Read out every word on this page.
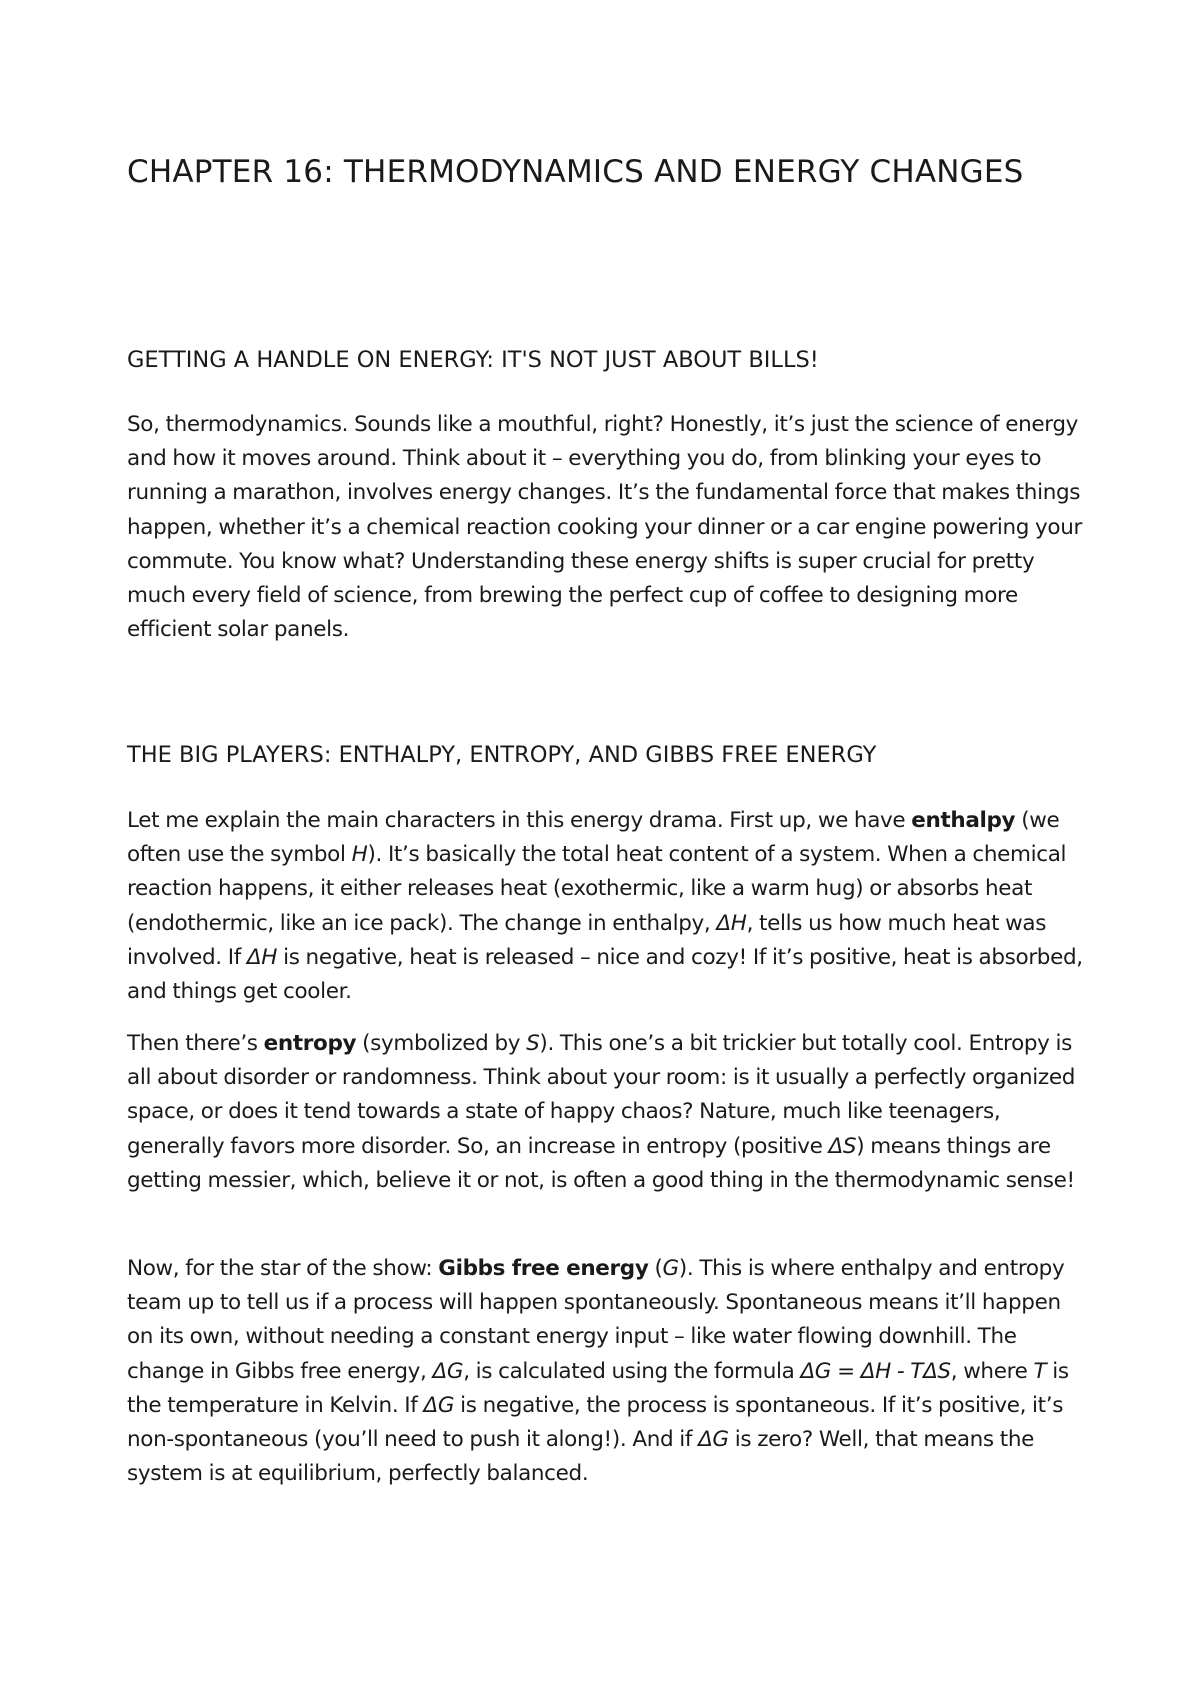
CHAPTER 16: THERMODYNAMICS AND ENERGY CHANGES
GETTING A HANDLE ON ENERGY: IT'S NOT JUST ABOUT BILLS!

So, thermodynamics. Sounds like a mouthful, right? Honestly, it’s just the science of energy and how it moves around. Think about it – everything you do, from blinking your eyes to running a marathon, involves energy changes. It’s the fundamental force that makes things happen, whether it’s a chemical reaction cooking your dinner or a car engine powering your commute. You know what? Understanding these energy shifts is super crucial for pretty much every field of science, from brewing the perfect cup of coffee to designing more efficient solar panels.

THE BIG PLAYERS: ENTHALPY, ENTROPY, AND GIBBS FREE ENERGY

Let me explain the main characters in this energy drama. First up, we have enthalpy (we often use the symbol H). It’s basically the total heat content of a system. When a chemical reaction happens, it either releases heat (exothermic, like a warm hug) or absorbs heat (endothermic, like an ice pack). The change in enthalpy, ΔH, tells us how much heat was involved. If ΔH is negative, heat is released – nice and cozy! If it’s positive, heat is absorbed, and things get cooler.

Then there’s entropy (symbolized by S). This one’s a bit trickier but totally cool. Entropy is all about disorder or randomness. Think about your room: is it usually a perfectly organized space, or does it tend towards a state of happy chaos? Nature, much like teenagers, generally favors more disorder. So, an increase in entropy (positive ΔS) means things are getting messier, which, believe it or not, is often a good thing in the thermodynamic sense!

Now, for the star of the show: Gibbs free energy (G). This is where enthalpy and entropy team up to tell us if a process will happen spontaneously. Spontaneous means it’ll happen on its own, without needing a constant energy input – like water flowing downhill. The change in Gibbs free energy, ΔG, is calculated using the formula ΔG = ΔH - TΔS, where T is the temperature in Kelvin. If ΔG is negative, the process is spontaneous. If it’s positive, it’s non-spontaneous (you’ll need to push it along!). And if ΔG is zero? Well, that means the system is at equilibrium, perfectly balanced.
